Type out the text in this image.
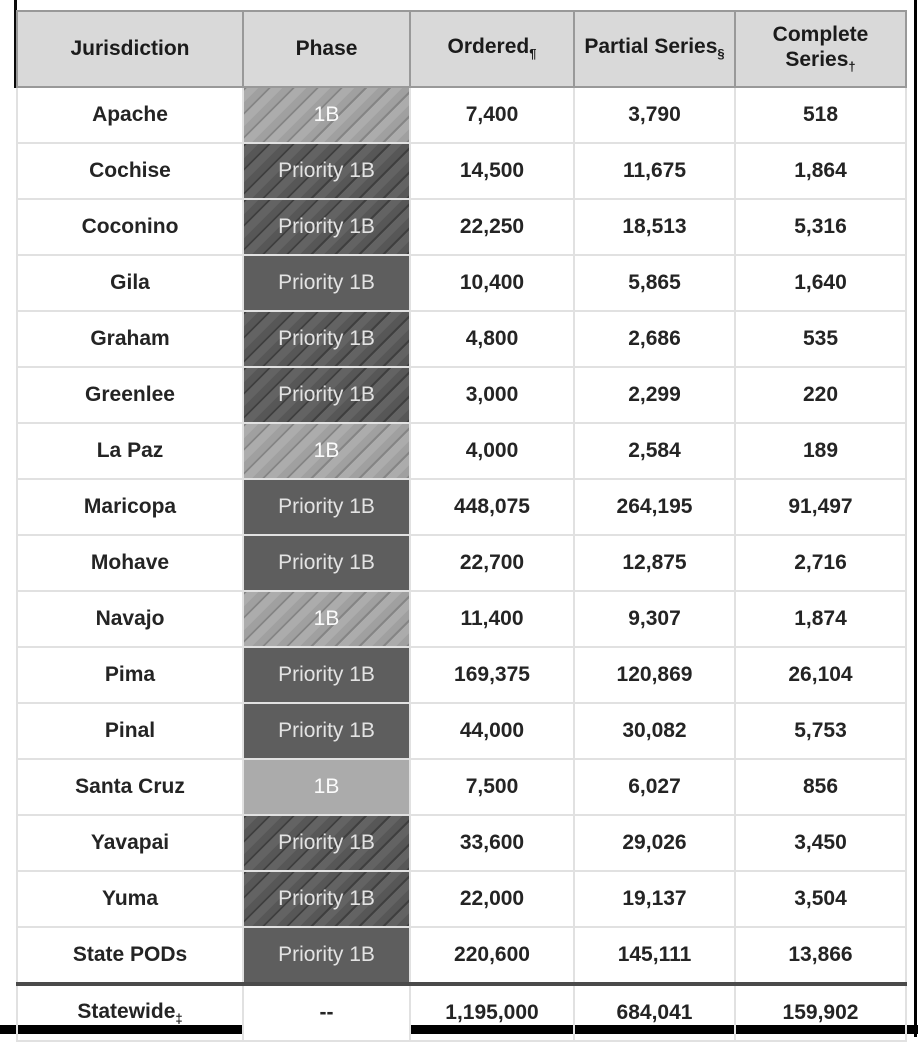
Jurisdiction	Phase	Ordered$_\P$	Partial Series$_\S$	Complete Series$_\dagger$
Apache	1B	7,400	3,790	518
Cochise	Priority 1B	14,500	11,675	1,864
Coconino	Priority 1B	22,250	18,513	5,316
Gila	Priority 1B	10,400	5,865	1,640
Graham	Priority 1B	4,800	2,686	535
Greenlee	Priority 1B	3,000	2,299	220
La Paz	1B	4,000	2,584	189
Maricopa	Priority 1B	448,075	264,195	91,497
Mohave	Priority 1B	22,700	12,875	2,716
Navajo	1B	11,400	9,307	1,874
Pima	Priority 1B	169,375	120,869	26,104
Pinal	Priority 1B	44,000	30,082	5,753
Santa Cruz	1B	7,500	6,027	856
Yavapai	Priority 1B	33,600	29,026	3,450
Yuma	Priority 1B	22,000	19,137	3,504
State PODs	Priority 1B	220,600	145,111	13,866
Statewide$_\ddagger$	--	1,195,000	684,041	159,902
